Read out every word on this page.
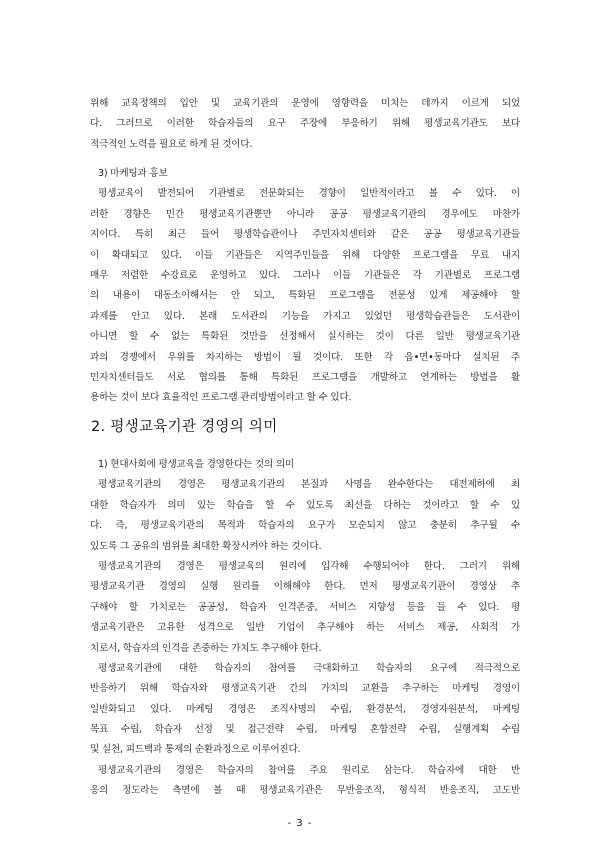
위해 교육정책의 입안 및 교육기관의 운영에 영향력을 미치는 데까지 이르게 되었
다. 그러므로 이러한 학습자들의 요구 주장에 부응하기 위해 평생교육기관도 보다
적극적인 노력을 필요로 하게 된 것이다.
3) 마케팅과 홍보
평생교육이 발전되어 기관별로 전문화되는 경향이 일반적이라고 볼 수 있다. 이
러한 경향은 민간 평생교육기관뿐만 아니라 공공 평생교육기관의 경우에도 마찬가
지이다. 특히 최근 들어 평생학습관이나 주민자치센터와 같은 공공 평생교육기관들
이 확대되고 있다. 이들 기관들은 지역주민들을 위해 다양한 프로그램을 무료 내지
매우 저렴한 수강료로 운영하고 있다. 그러나 이들 기관들은 각 기관별로 프로그램
의 내용이 대동소이해서는 안 되고, 특화된 프로그램을 전문성 있게 제공해야 할
과제를 안고 있다. 본래 도서관의 기능을 가지고 있었던 평생학습관들은 도서관이
아니면 할 수 없는 특화된 것만을 선정해서 실시하는 것이 다른 일반 평생교육기관
과의 경쟁에서 우위를 차지하는 방법이 될 것이다. 또한 각 읍•면•동마다 설치된 주
민자치센터들도 서로 협의를 통해 특화된 프로그램을 개발하고 연계하는 방법을 활
용하는 것이 보다 효율적인 프로그램 관리방법이라고 할 수 있다.
2. 평생교육기관 경영의 의미
1) 현대사회에 평생교육을 경영한다는 것의 의미
평생교육기관의 경영은 평생교육기관의 본질과 사명을 완수한다는 대전제하에 최
대한 학습자가 의미 있는 학습을 할 수 있도록 최선을 다하는 것이라고 할 수 있
다. 즉, 평생교육기관의 목적과 학습자의 요구가 모순되지 않고 충분히 추구될 수
있도록 그 공유의 범위를 최대한 확장시켜야 하는 것이다.
평생교육기관의 경영은 평생교육의 원리에 입각해 수행되어야 한다. 그러기 위해
평생교육기관 경영의 실행 원리를 이해해야 한다. 먼저 평생교육기관이 경영상 추
구해야 할 가치로는 공공성, 학습자 인격존중, 서비스 지향성 등을 들 수 있다. 평
생교육기관은 고유한 성격으로 일반 기업이 추구해야 하는 서비스 제공, 사회적 가
치로서, 학습자의 인격을 존중하는 가치도 추구해야 한다.
평생교육기관에 대한 학습자의 참여를 극대화하고 학습자의 요구에 적극적으로
반응하기 위해 학습자와 평생교육기관 간의 가치의 교환을 추구하는 마케팅 경영이
일반화되고 있다. 마케팅 경영은 조직사명의 수립, 환경분석, 경영자원분석, 마케팅
목표 수립, 학습자 선정 및 접근전략 수립, 마케팅 혼합전략 수립, 실행계획 수립
및 실천, 피드백과 통제의 순환과정으로 이루어진다.
평생교육기관의 경영은 학습자의 참여를 주요 원리로 삼는다. 학습자에 대한 반
응의 정도라는 측면에 볼 때 평생교육기관은 무반응조직, 형식적 반응조직, 고도반
- 3 -
